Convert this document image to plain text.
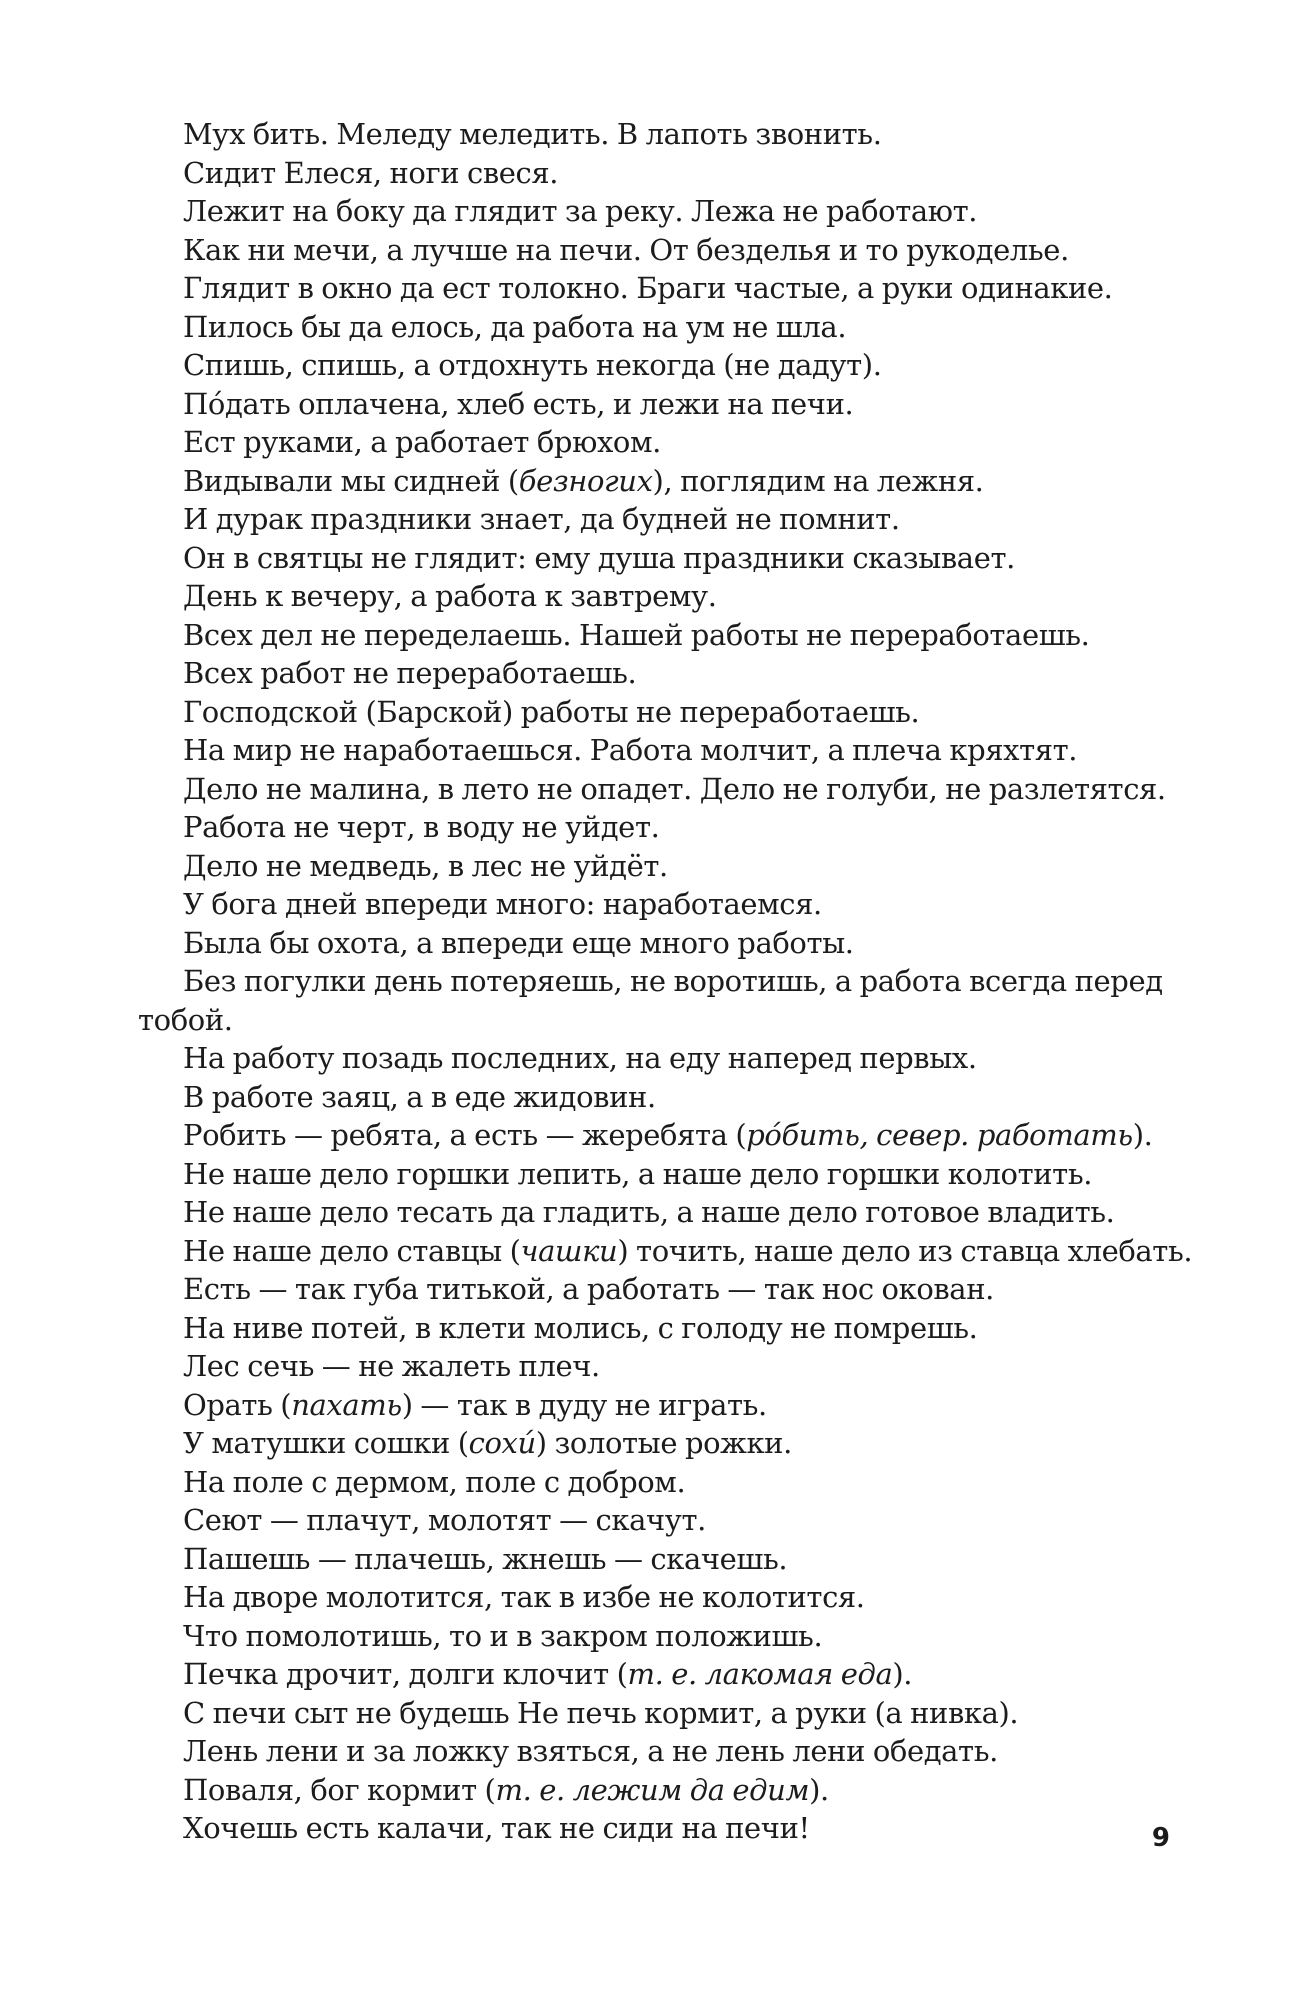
Мух бить. Меледу меледить. В лапоть звонить.
Сидит Елеся, ноги свеся.
Лежит на боку да глядит за реку. Лежа не работают.
Как ни мечи, а лучше на печи. От безделья и то рукоделье.
Глядит в окно да ест толокно. Браги частые, а руки одинакие.
Пилось бы да елось, да работа на ум не шла.
Спишь, спишь, а отдохнуть некогда (не дадут).
По́дать оплачена, хлеб есть, и лежи на печи.
Ест руками, а работает брюхом.
Видывали мы сидней (безногих), поглядим на лежня.
И дурак праздники знает, да будней не помнит.
Он в святцы не глядит: ему душа праздники сказывает.
День к вечеру, а работа к завтрему.
Всех дел не переделаешь. Нашей работы не переработаешь.
Всех работ не переработаешь.
Господской (Барской) работы не переработаешь.
На мир не наработаешься. Работа молчит, а плеча кряхтят.
Дело не малина, в лето не опадет. Дело не голуби, не разлетятся.
Работа не черт, в воду не уйдет.
Дело не медведь, в лес не уйдёт.
У бога дней впереди много: наработаемся.
Была бы охота, а впереди еще много работы.
Без погулки день потеряешь, не воротишь, а работа всегда перед
тобой.
На работу позадь последних, на еду наперед первых.
В работе заяц, а в еде жидовин.
Робить — ребята, а есть — жеребята (ро́бить, север. работать).
Не наше дело горшки лепить, а наше дело горшки колотить.
Не наше дело тесать да гладить, а наше дело готовое владить.
Не наше дело ставцы (чашки) точить, наше дело из ставца хлебать.
Есть — так губа титькой, а работать — так нос окован.
На ниве потей, в клети молись, с голоду не помрешь.
Лес сечь — не жалеть плеч.
Орать (пахать) — так в дуду не играть.
У матушки сошки (сохи́) золотые рожки.
На поле с дермом, поле с добром.
Сеют — плачут, молотят — скачут.
Пашешь — плачешь, жнешь — скачешь.
На дворе молотится, так в избе не колотится.
Что помолотишь, то и в закром положишь.
Печка дрочит, долги клочит (т. е. лакомая еда).
С печи сыт не будешь Не печь кормит, а руки (а нивка).
Лень лени и за ложку взяться, а не лень лени обедать.
Поваля, бог кормит (т. е. лежим да едим).
Хочешь есть калачи, так не сиди на печи!	9
